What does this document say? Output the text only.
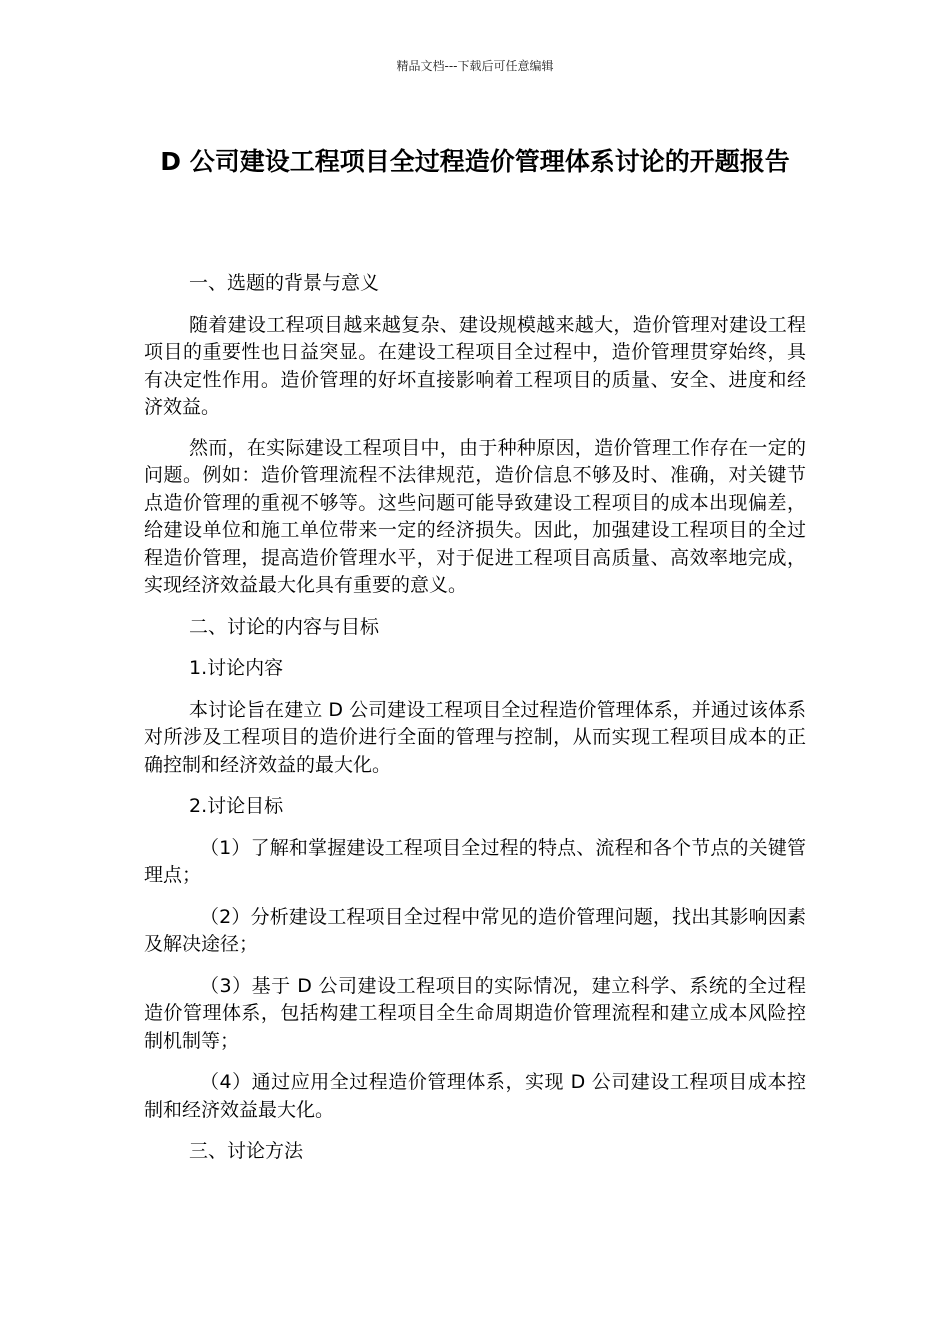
精品文档---下载后可任意编辑
D 公司建设工程项目全过程造价管理体系讨论的开题报告

一、选题的背景与意义

随着建设工程项目越来越复杂、建设规模越来越大，造价管理对建设工程项目的重要性也日益突显。在建设工程项目全过程中，造价管理贯穿始终，具有决定性作用。造价管理的好坏直接影响着工程项目的质量、安全、进度和经济效益。

然而，在实际建设工程项目中，由于种种原因，造价管理工作存在一定的问题。例如：造价管理流程不法律规范，造价信息不够及时、准确，对关键节点造价管理的重视不够等。这些问题可能导致建设工程项目的成本出现偏差，给建设单位和施工单位带来一定的经济损失。因此，加强建设工程项目的全过程造价管理，提高造价管理水平，对于促进工程项目高质量、高效率地完成，实现经济效益最大化具有重要的意义。

二、讨论的内容与目标

1.讨论内容

本讨论旨在建立 D 公司建设工程项目全过程造价管理体系，并通过该体系对所涉及工程项目的造价进行全面的管理与控制，从而实现工程项目成本的正确控制和经济效益的最大化。

2.讨论目标

（1）了解和掌握建设工程项目全过程的特点、流程和各个节点的关键管理点；

（2）分析建设工程项目全过程中常见的造价管理问题，找出其影响因素及解决途径；

（3）基于 D 公司建设工程项目的实际情况，建立科学、系统的全过程造价管理体系，包括构建工程项目全生命周期造价管理流程和建立成本风险控制机制等；

（4）通过应用全过程造价管理体系，实现 D 公司建设工程项目成本控制和经济效益最大化。

三、讨论方法
